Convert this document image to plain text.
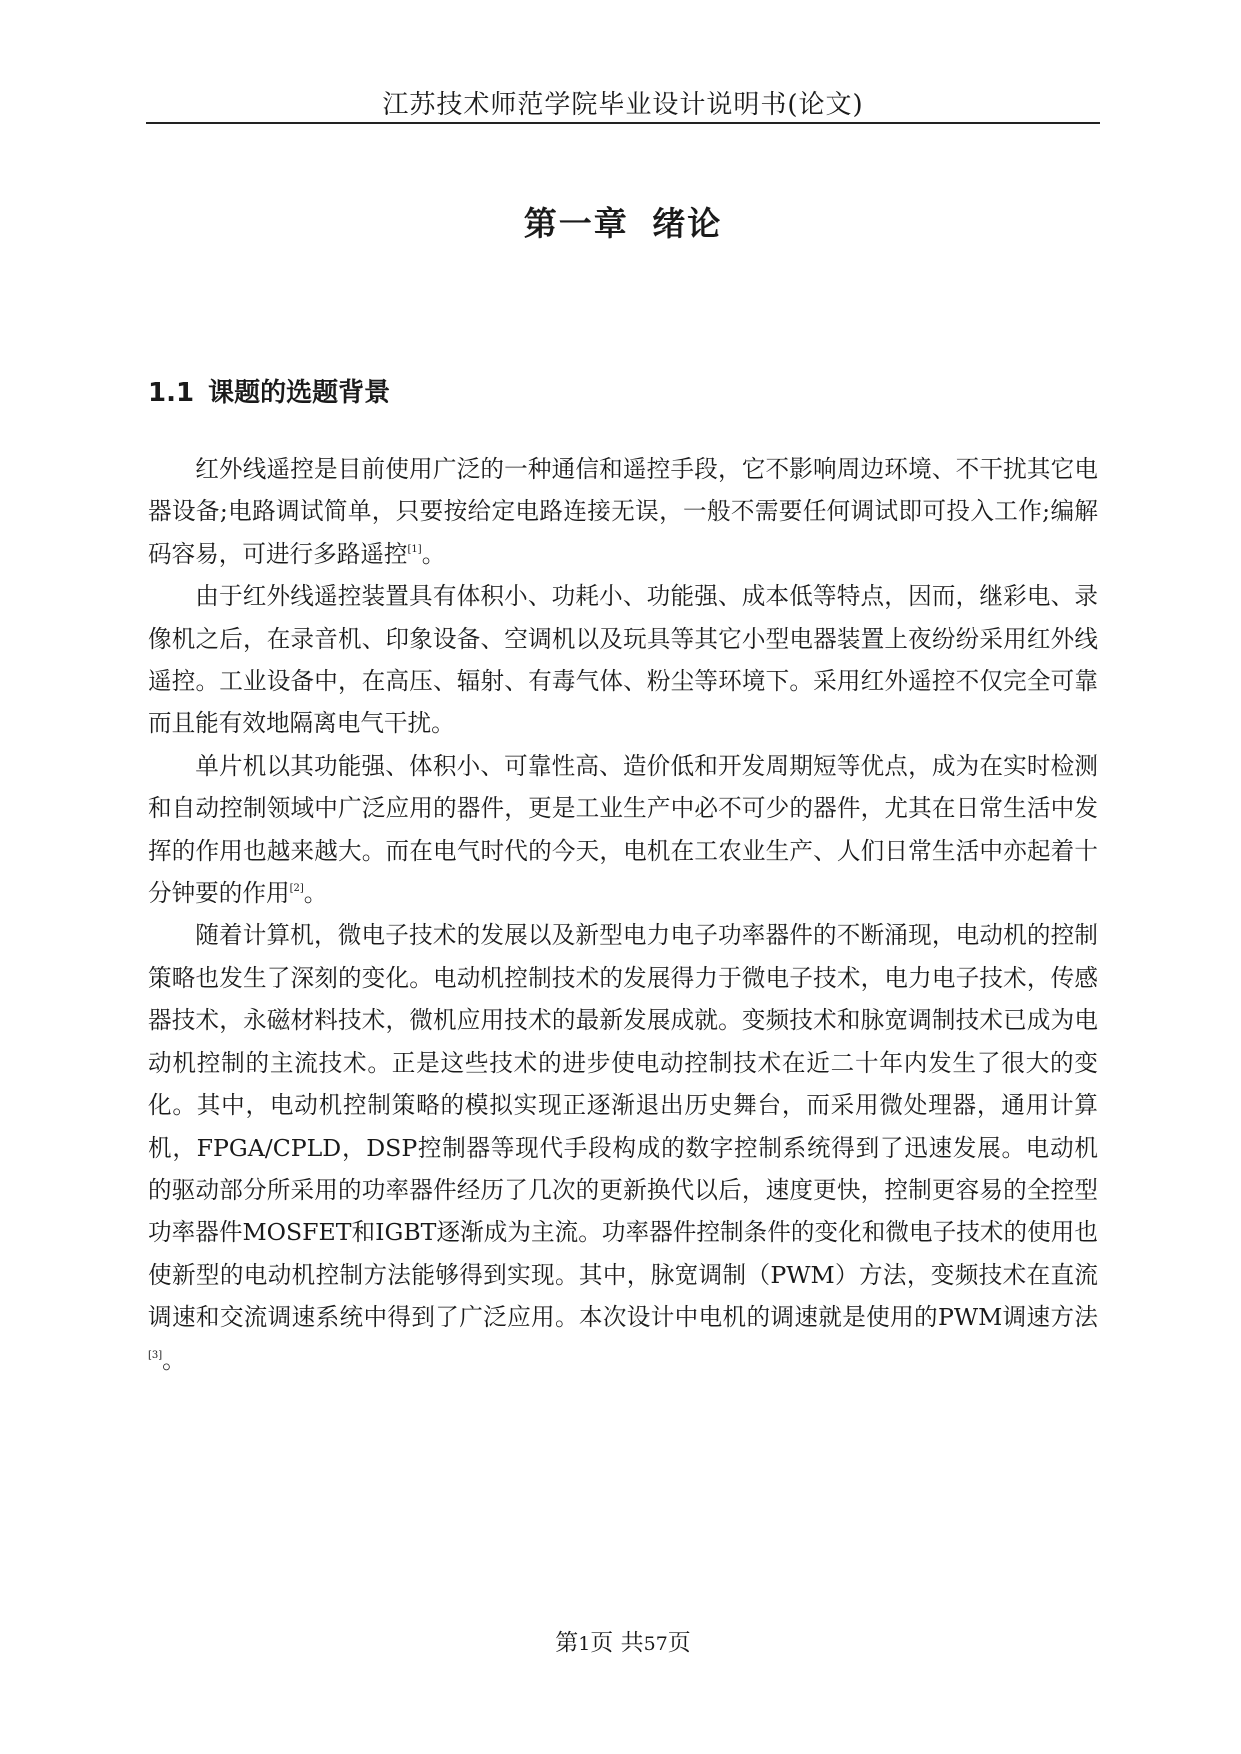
江苏技术师范学院毕业设计说明书(论文)
第一章 绪论
1.1 课题的选题背景

红外线遥控是目前使用广泛的一种通信和遥控手段，它不影响周边环境、不干扰其它电器设备;电路调试简单，只要按给定电路连接无误，一般不需要任何调试即可投入工作;编解码容易，可进行多路遥控[1]。

由于红外线遥控装置具有体积小、功耗小、功能强、成本低等特点，因而，继彩电、录像机之后，在录音机、印象设备、空调机以及玩具等其它小型电器装置上夜纷纷采用红外线遥控。工业设备中，在高压、辐射、有毒气体、粉尘等环境下。采用红外遥控不仅完全可靠而且能有效地隔离电气干扰。

单片机以其功能强、体积小、可靠性高、造价低和开发周期短等优点，成为在实时检测和自动控制领域中广泛应用的器件，更是工业生产中必不可少的器件，尤其在日常生活中发挥的作用也越来越大。而在电气时代的今天，电机在工农业生产、人们日常生活中亦起着十分钟要的作用[2]。

随着计算机，微电子技术的发展以及新型电力电子功率器件的不断涌现，电动机的控制策略也发生了深刻的变化。电动机控制技术的发展得力于微电子技术，电力电子技术，传感器技术，永磁材料技术，微机应用技术的最新发展成就。变频技术和脉宽调制技术已成为电动机控制的主流技术。正是这些技术的进步使电动控制技术在近二十年内发生了很大的变化。其中，电动机控制策略的模拟实现正逐渐退出历史舞台，而采用微处理器，通用计算机，FPGA/CPLD，DSP控制器等现代手段构成的数字控制系统得到了迅速发展。电动机的驱动部分所采用的功率器件经历了几次的更新换代以后，速度更快，控制更容易的全控型功率器件MOSFET和IGBT逐渐成为主流。功率器件控制条件的变化和微电子技术的使用也使新型的电动机控制方法能够得到实现。其中，脉宽调制（PWM）方法，变频技术在直流调速和交流调速系统中得到了广泛应用。本次设计中电机的调速就是使用的PWM调速方法[3]。

第1页 共57页
